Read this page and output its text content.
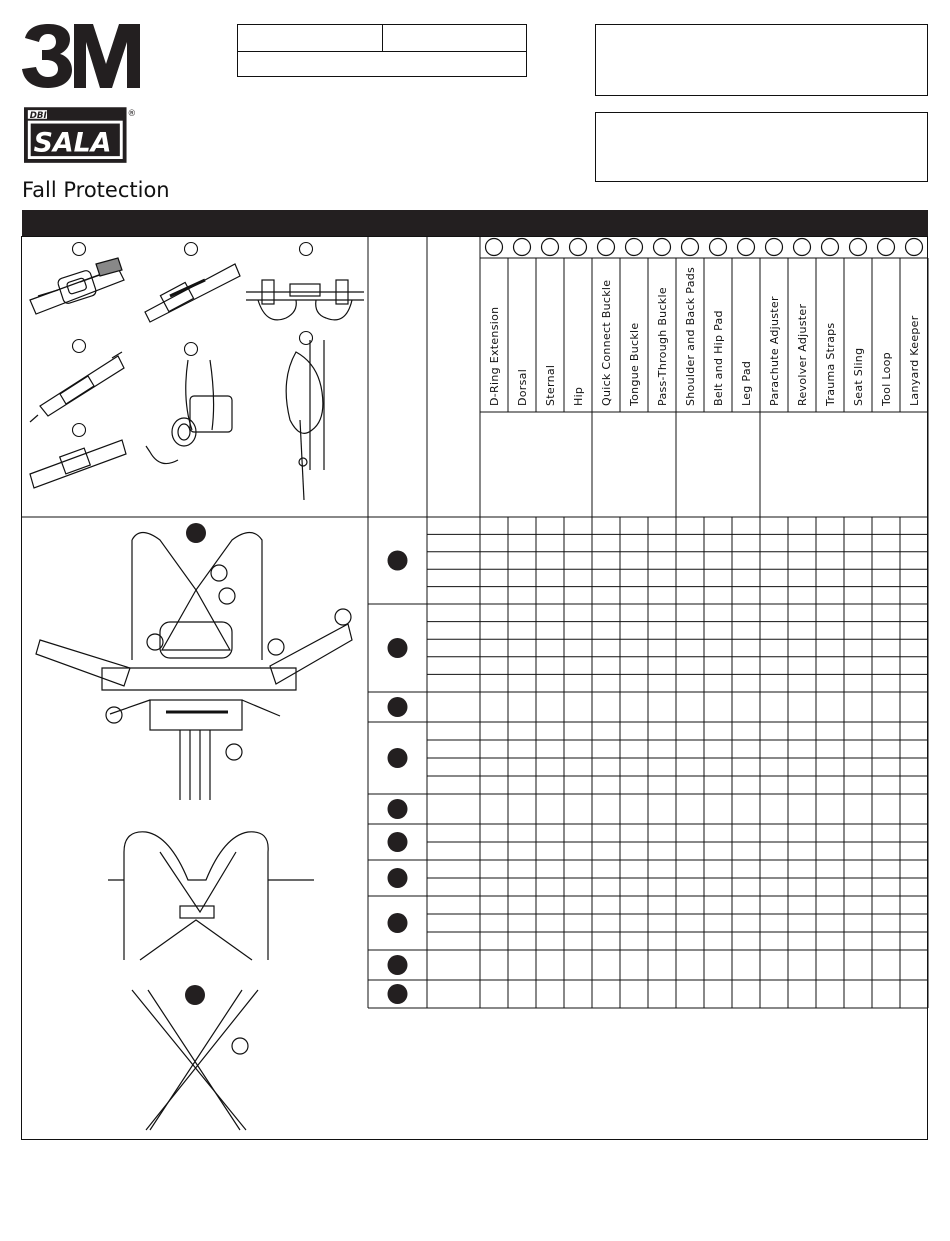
DBI
SALA
®
Fall Protection
D-Ring Extension Dorsal Sternal Hip Quick Connect Buckle Tongue Buckle Pass-Through Buckle Shoulder and Back Pads Belt and Hip Pad Leg Pad Parachute Adjuster Revolver Adjuster Trauma Straps Seat Sling Tool Loop Lanyard Keeper
